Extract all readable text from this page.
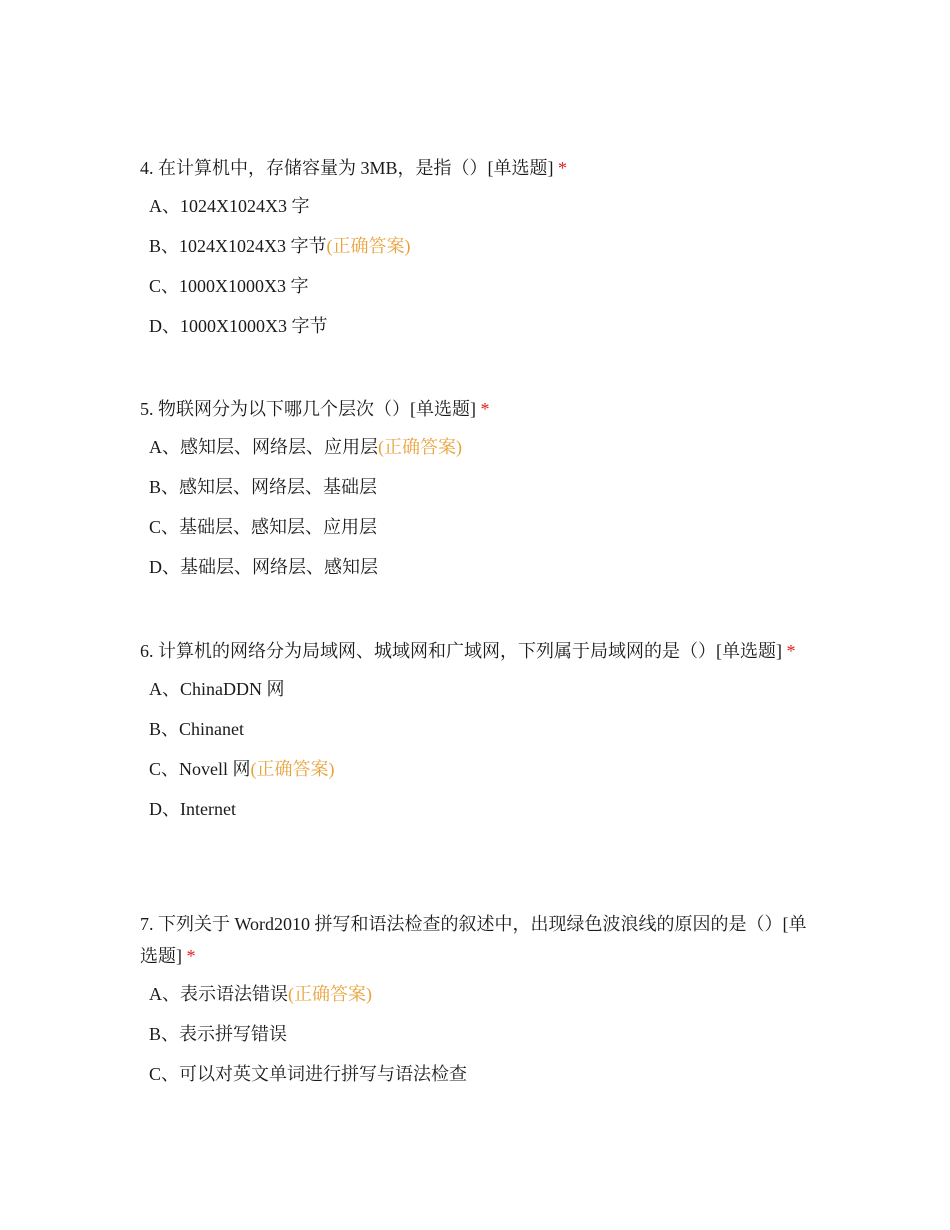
4. 在计算机中，存储容量为 3MB，是指（）[单选题] *

A、1024X1024X3 字
B、1024X1024X3 字节(正确答案)
C、1000X1000X3 字
D、1000X1000X3 字节

5. 物联网分为以下哪几个层次（）[单选题] *

A、感知层、网络层、应用层(正确答案)
B、感知层、网络层、基础层
C、基础层、感知层、应用层
D、基础层、网络层、感知层

6. 计算机的网络分为局域网、城域网和广域网，下列属于局域网的是（）[单选题] *

A、ChinaDDN 网
B、Chinanet
C、Novell 网(正确答案)
D、Internet

7. 下列关于 Word2010 拼写和语法检查的叙述中，出现绿色波浪线的原因的是（）[单选题] *

A、表示语法错误(正确答案)
B、表示拼写错误
C、可以对英文单词进行拼写与语法检查
